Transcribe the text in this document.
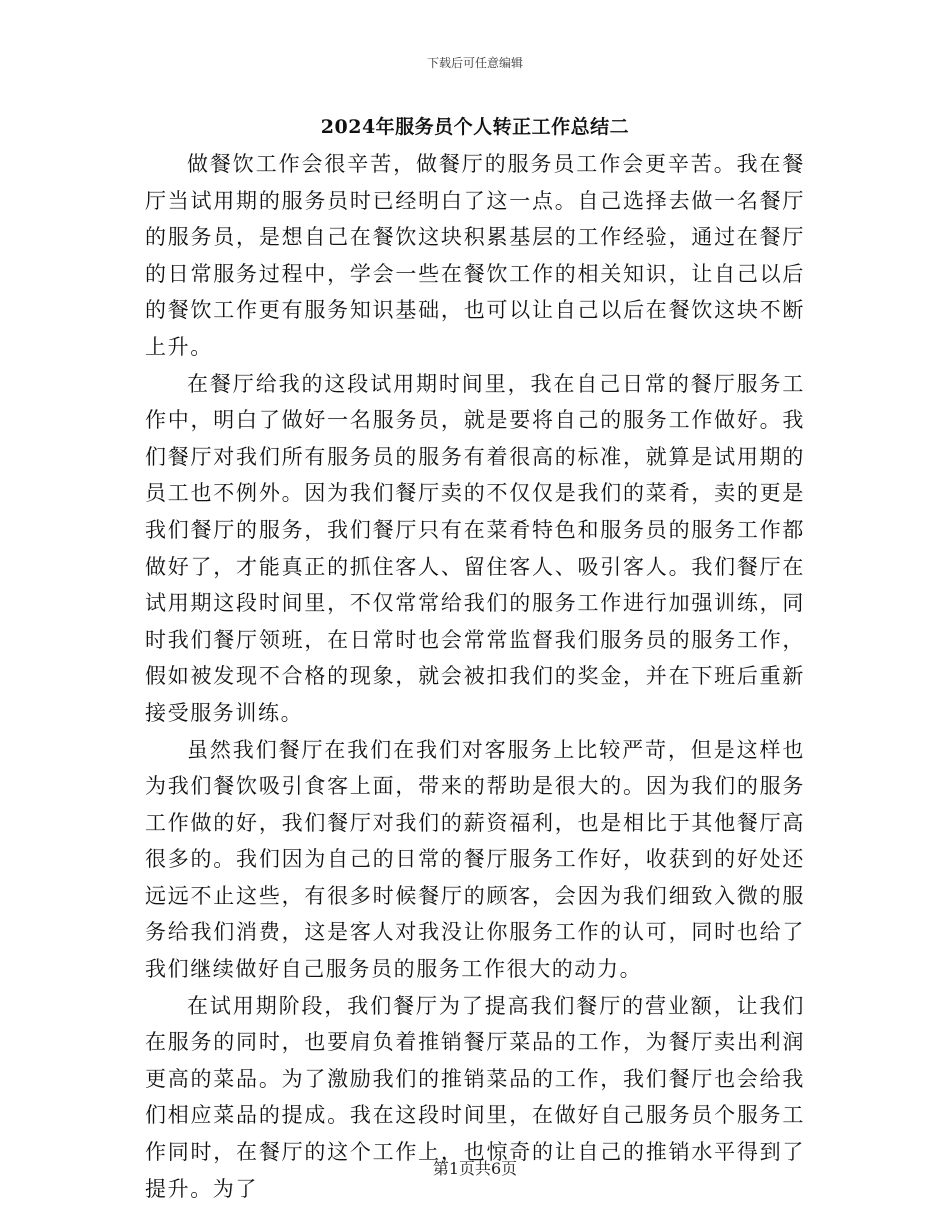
下载后可任意编辑
2024年服务员个人转正工作总结二

做餐饮工作会很辛苦，做餐厅的服务员工作会更辛苦。我在餐厅当试用期的服务员时已经明白了这一点。自己选择去做一名餐厅的服务员，是想自己在餐饮这块积累基层的工作经验，通过在餐厅的日常服务过程中，学会一些在餐饮工作的相关知识，让自己以后的餐饮工作更有服务知识基础，也可以让自己以后在餐饮这块不断上升。

在餐厅给我的这段试用期时间里，我在自己日常的餐厅服务工作中，明白了做好一名服务员，就是要将自己的服务工作做好。我们餐厅对我们所有服务员的服务有着很高的标准，就算是试用期的员工也不例外。因为我们餐厅卖的不仅仅是我们的菜肴，卖的更是我们餐厅的服务，我们餐厅只有在菜肴特色和服务员的服务工作都做好了，才能真正的抓住客人、留住客人、吸引客人。我们餐厅在试用期这段时间里，不仅常常给我们的服务工作进行加强训练，同时我们餐厅领班，在日常时也会常常监督我们服务员的服务工作，假如被发现不合格的现象，就会被扣我们的奖金，并在下班后重新接受服务训练。

虽然我们餐厅在我们在我们对客服务上比较严苛，但是这样也为我们餐饮吸引食客上面，带来的帮助是很大的。因为我们的服务工作做的好，我们餐厅对我们的薪资福利，也是相比于其他餐厅高很多的。我们因为自己的日常的餐厅服务工作好，收获到的好处还远远不止这些，有很多时候餐厅的顾客，会因为我们细致入微的服务给我们消费，这是客人对我没让你服务工作的认可，同时也给了我们继续做好自己服务员的服务工作很大的动力。

在试用期阶段，我们餐厅为了提高我们餐厅的营业额，让我们在服务的同时，也要肩负着推销餐厅菜品的工作，为餐厅卖出利润更高的菜品。为了激励我们的推销菜品的工作，我们餐厅也会给我们相应菜品的提成。我在这段时间里，在做好自己服务员个服务工作同时，在餐厅的这个工作上，也惊奇的让自己的推销水平得到了提升。为了

第1页共6页
